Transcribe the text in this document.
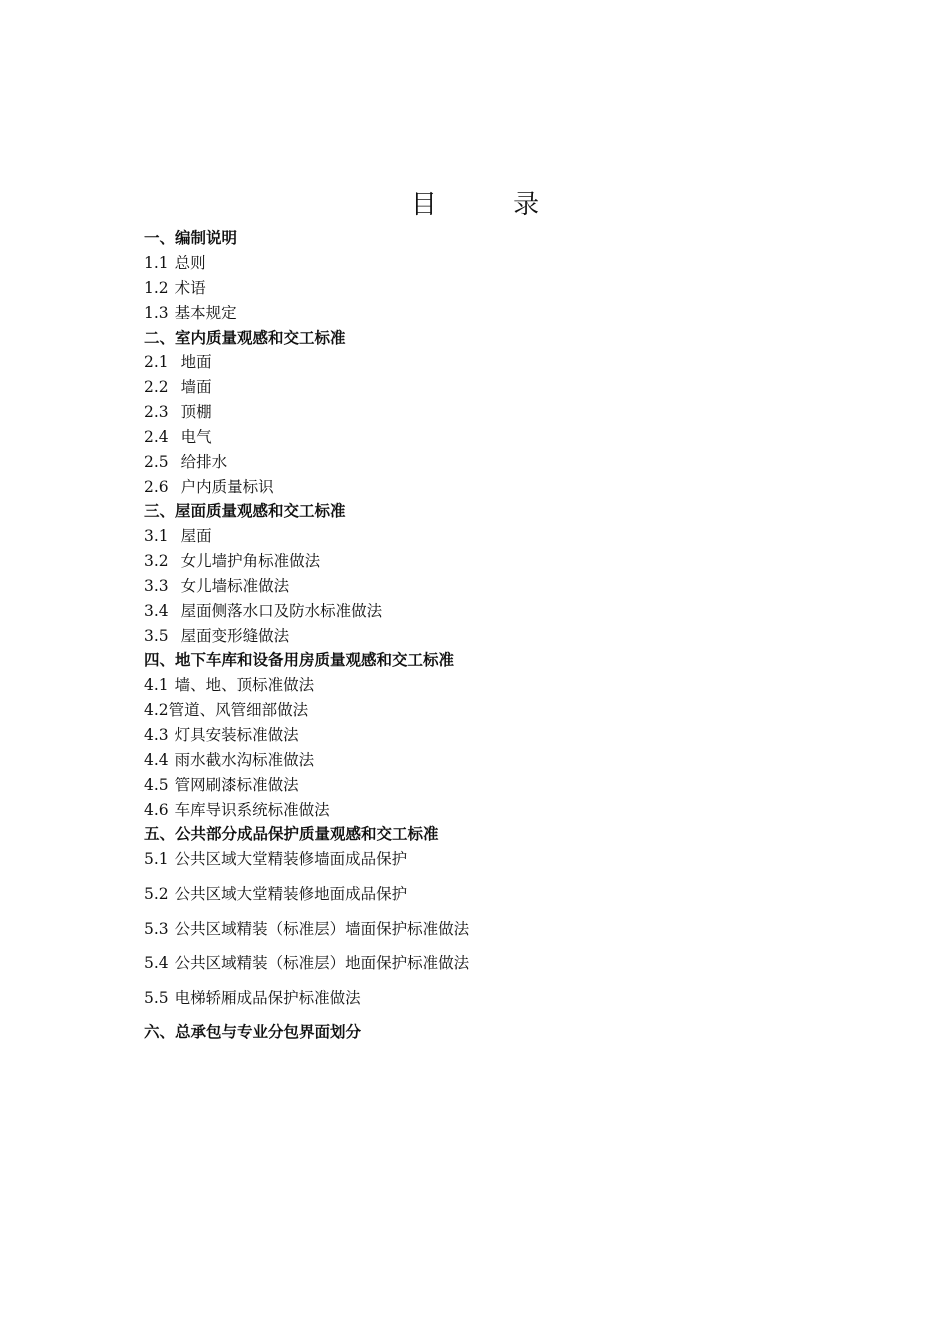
目 录
一、编制说明
1.1 总则
1.2 术语
1.3 基本规定
二、室内质量观感和交工标准
2.1 地面
2.2 墙面
2.3 顶棚
2.4 电气
2.5 给排水
2.6 户内质量标识
三、屋面质量观感和交工标准
3.1 屋面
3.2 女儿墙护角标准做法
3.3 女儿墙标准做法
3.4 屋面侧落水口及防水标准做法
3.5 屋面变形缝做法
四、地下车库和设备用房质量观感和交工标准
4.1 墙、地、顶标准做法
4.2管道、风管细部做法
4.3 灯具安装标准做法
4.4 雨水截水沟标准做法
4.5 管网刷漆标准做法
4.6 车库导识系统标准做法
五、公共部分成品保护质量观感和交工标准
5.1 公共区域大堂精装修墙面成品保护
5.2 公共区域大堂精装修地面成品保护
5.3 公共区域精装（标准层）墙面保护标准做法
5.4 公共区域精装（标准层）地面保护标准做法
5.5 电梯轿厢成品保护标准做法
六、总承包与专业分包界面划分
